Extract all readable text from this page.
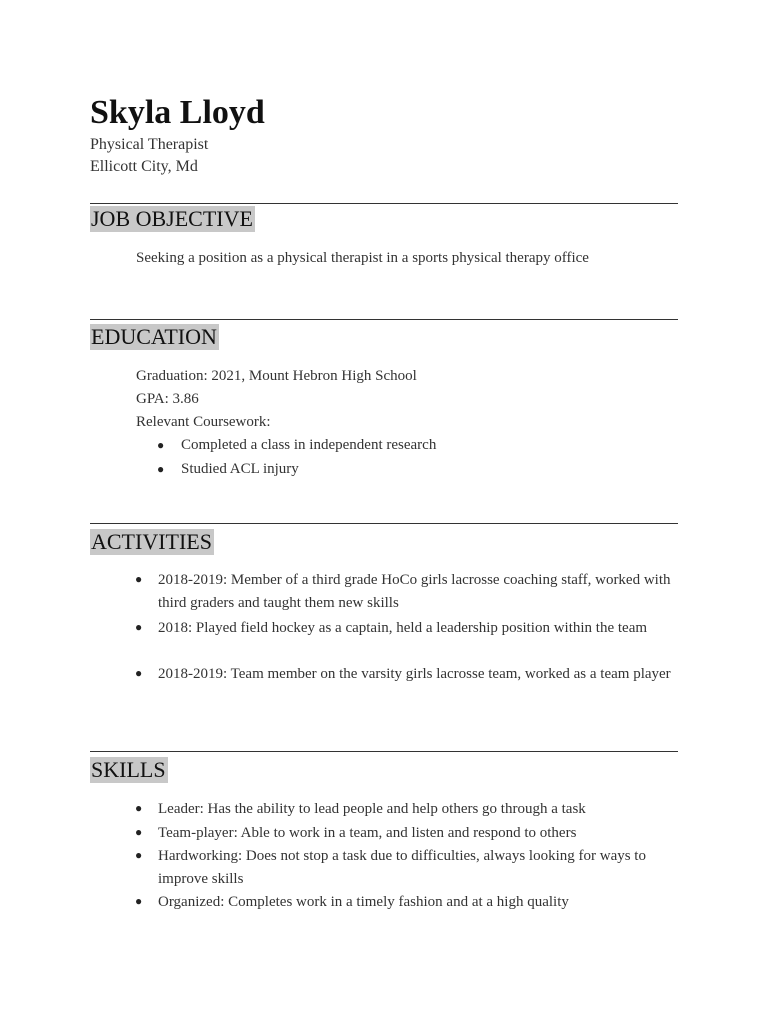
Skyla Lloyd
Physical Therapist
Ellicott City, Md
JOB OBJECTIVE
Seeking a position as a physical therapist in a sports physical therapy office
EDUCATION
Graduation: 2021, Mount Hebron High School
GPA: 3.86
Relevant Coursework:
● Completed a class in independent research
● Studied ACL injury
ACTIVITIES
● 2018-2019: Member of a third grade HoCo girls lacrosse coaching staff, worked with third graders and taught them new skills
● 2018: Played field hockey as a captain, held a leadership position within the team
● 2018-2019: Team member on the varsity girls lacrosse team, worked as a team player
SKILLS
● Leader: Has the ability to lead people and help others go through a task
● Team-player: Able to work in a team, and listen and respond to others
● Hardworking: Does not stop a task due to difficulties, always looking for ways to improve skills
● Organized: Completes work in a timely fashion and at a high quality
